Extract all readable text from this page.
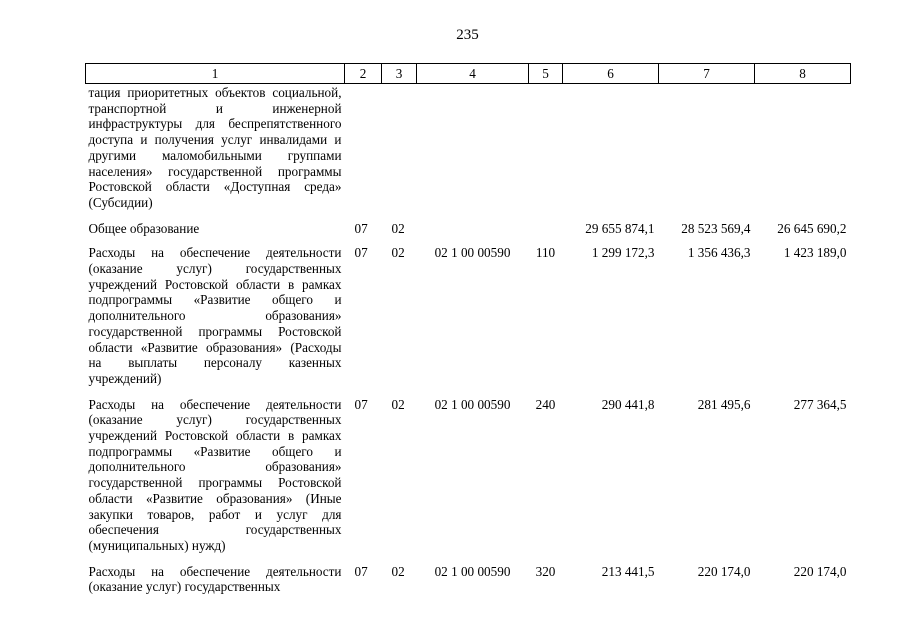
235
1	2	3	4	5	6	7	8
тация приоритетных объектов социальной, транспортной и инженерной инфраструктуры для беспрепятственного доступа и получения услуг инвалидами и другими маломобильными группами населения» государственной программы Ростовской области «Доступная среда» (Субсидии)							
Общее образование	07	02			29 655 874,1	28 523 569,4	26 645 690,2
Расходы на обеспечение деятельности (оказание услуг) государственных учреждений Ростовской области в рамках подпрограммы «Развитие общего и дополнительного образования» государственной программы Ростовской области «Развитие образования» (Расходы на выплаты персоналу казенных учреждений)	07	02	02 1 00 00590	110	1 299 172,3	1 356 436,3	1 423 189,0
Расходы на обеспечение деятельности (оказание услуг) государственных учреждений Ростовской области в рамках подпрограммы «Развитие общего и дополнительного образования» государственной программы Ростовской области «Развитие образования» (Иные закупки товаров, работ и услуг для обеспечения государственных (муниципальных) нужд)	07	02	02 1 00 00590	240	290 441,8	281 495,6	277 364,5
Расходы на обеспечение деятельности (оказание услуг) государственных	07	02	02 1 00 00590	320	213 441,5	220 174,0	220 174,0
